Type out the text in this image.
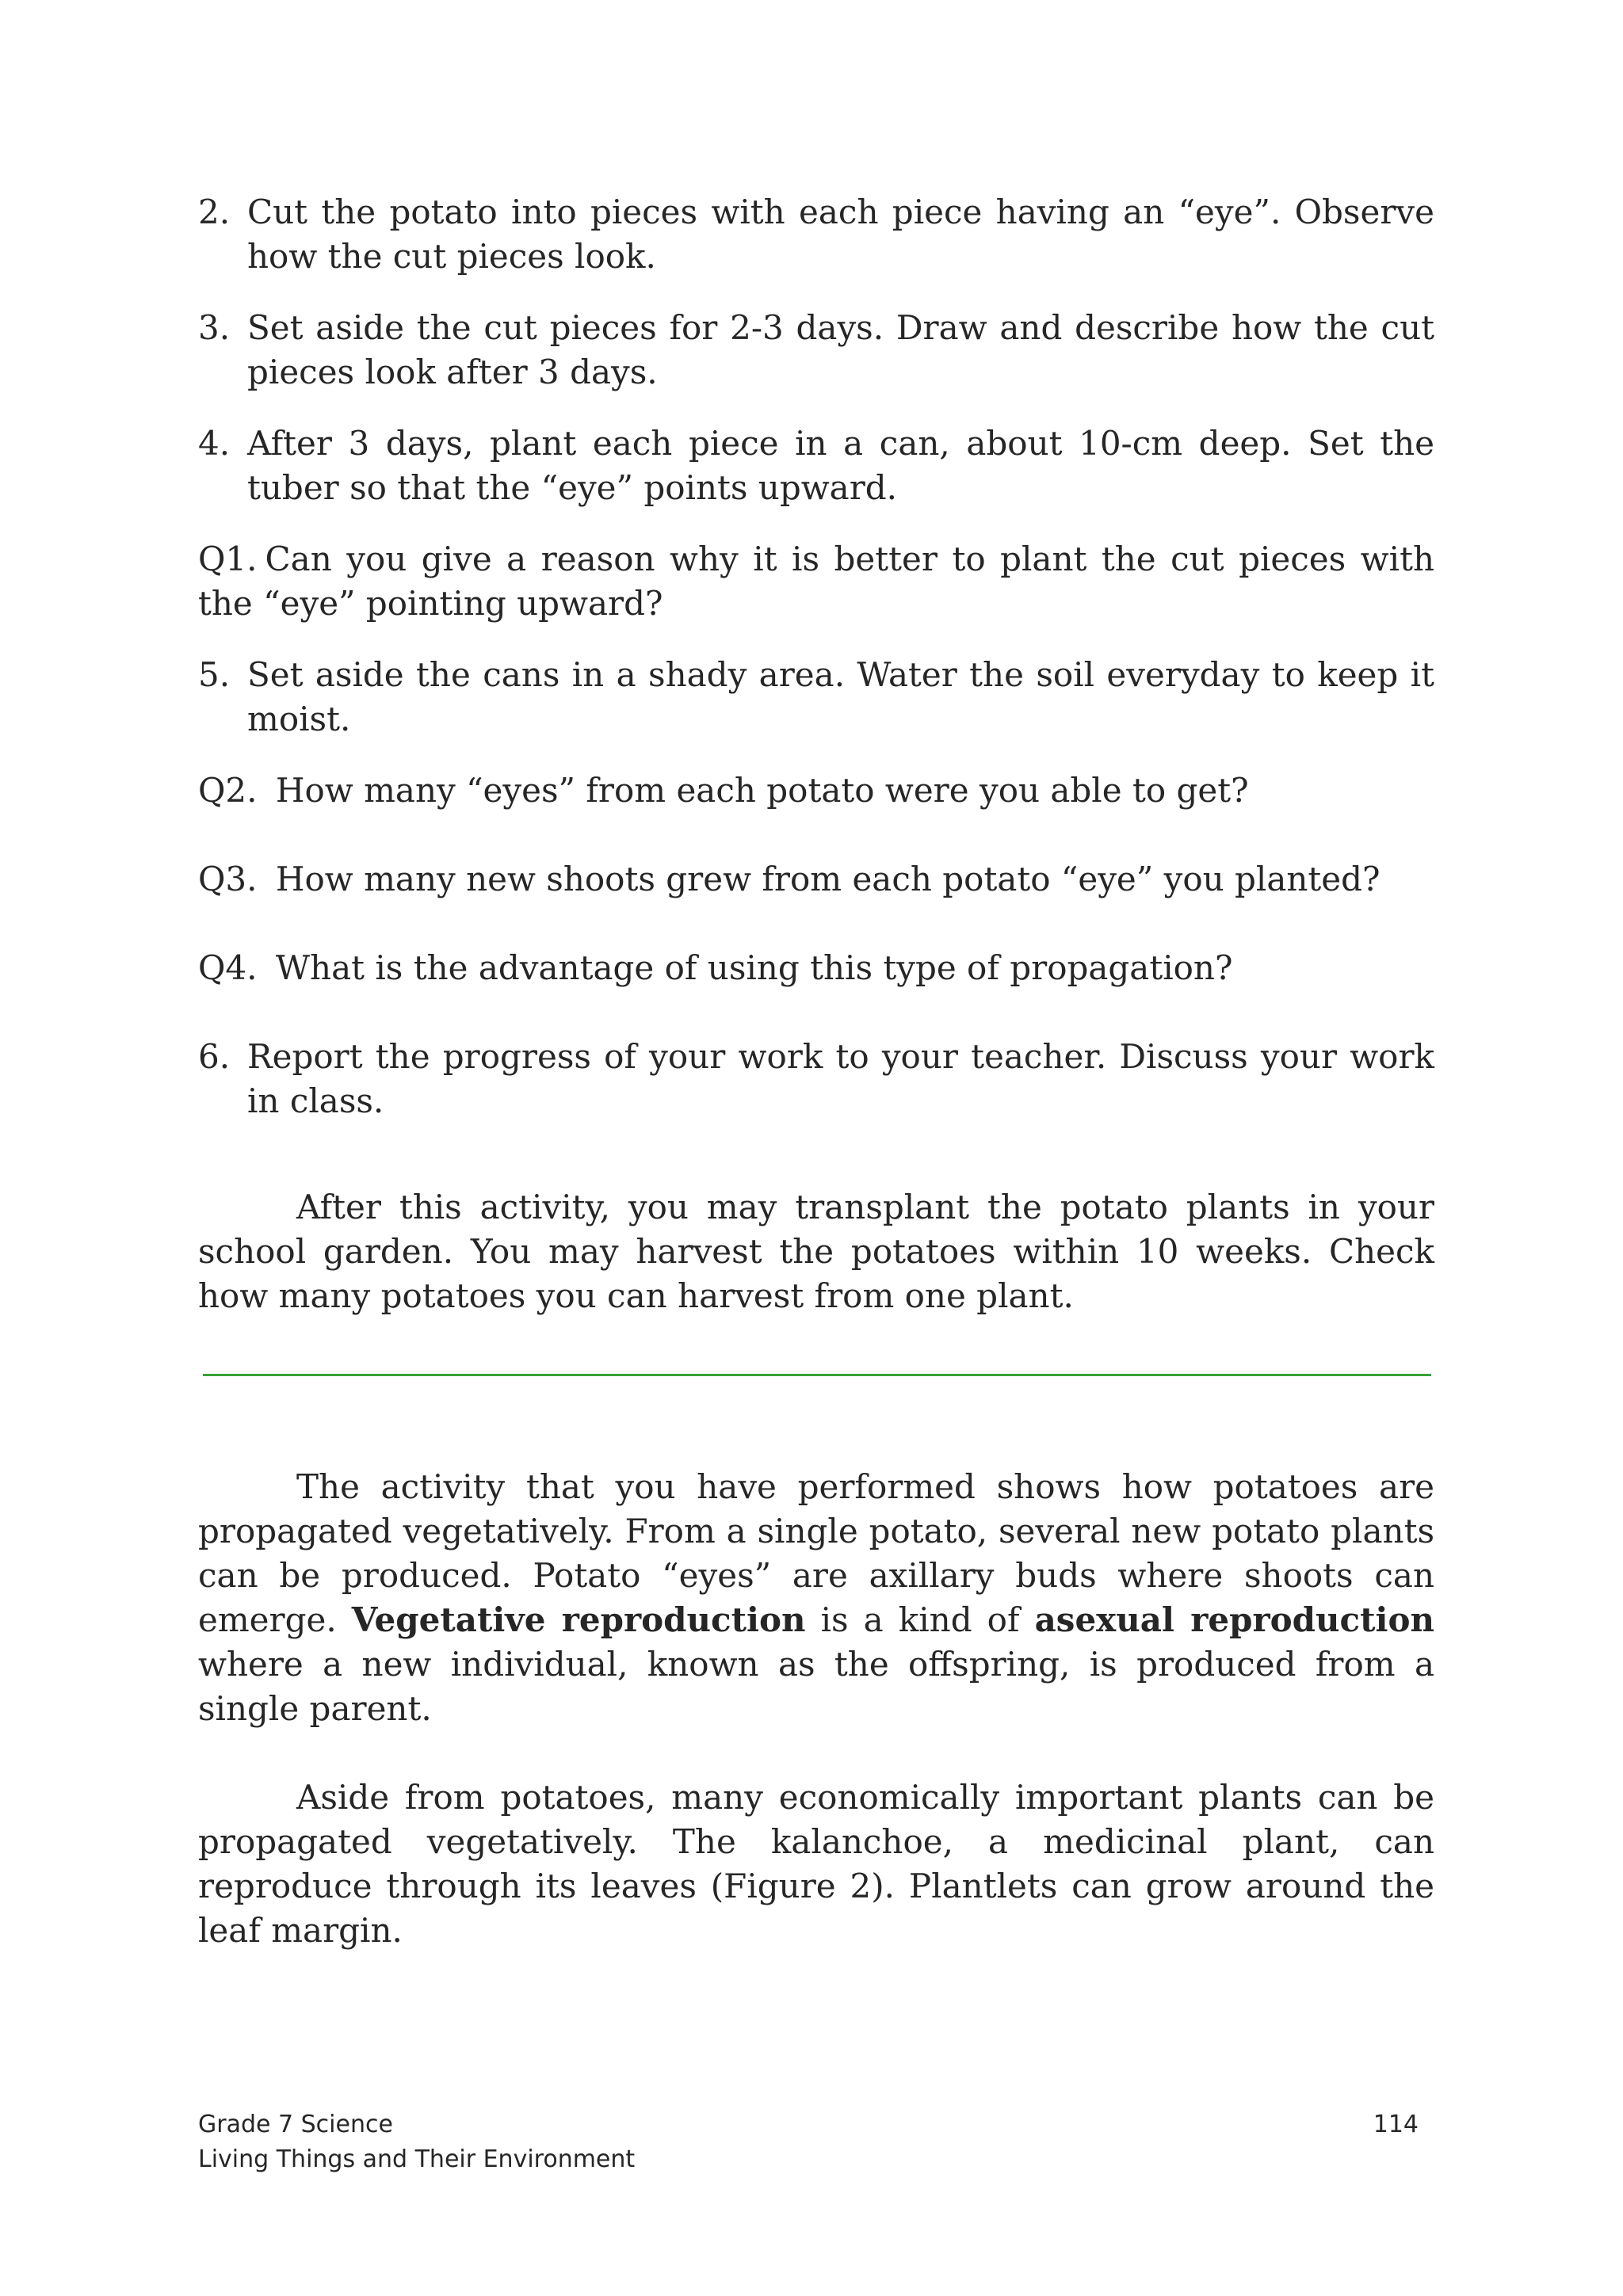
2. Cut the potato into pieces with each piece having an “eye”. Observe how the cut pieces look.
3. Set aside the cut pieces for 2-3 days. Draw and describe how the cut pieces look after 3 days.
4. After 3 days, plant each piece in a can, about 10-cm deep. Set the tuber so that the “eye” points upward.
Q1. Can you give a reason why it is better to plant the cut pieces with the “eye” pointing upward?
5. Set aside the cans in a shady area. Water the soil everyday to keep it moist.
Q2. How many “eyes” from each potato were you able to get?
Q3. How many new shoots grew from each potato “eye” you planted?
Q4. What is the advantage of using this type of propagation?
6. Report the progress of your work to your teacher. Discuss your work in class.

After this activity, you may transplant the potato plants in your school garden. You may harvest the potatoes within 10 weeks. Check how many potatoes you can harvest from one plant.

The activity that you have performed shows how potatoes are propagated vegetatively. From a single potato, several new potato plants can be produced. Potato “eyes” are axillary buds where shoots can emerge. Vegetative reproduction is a kind of asexual reproduction where a new individual, known as the offspring, is produced from a single parent.

Aside from potatoes, many economically important plants can be propagated vegetatively. The kalanchoe, a medicinal plant, can reproduce through its leaves (Figure 2). Plantlets can grow around the leaf margin.

Grade 7 Science
Living Things and Their Environment
114
